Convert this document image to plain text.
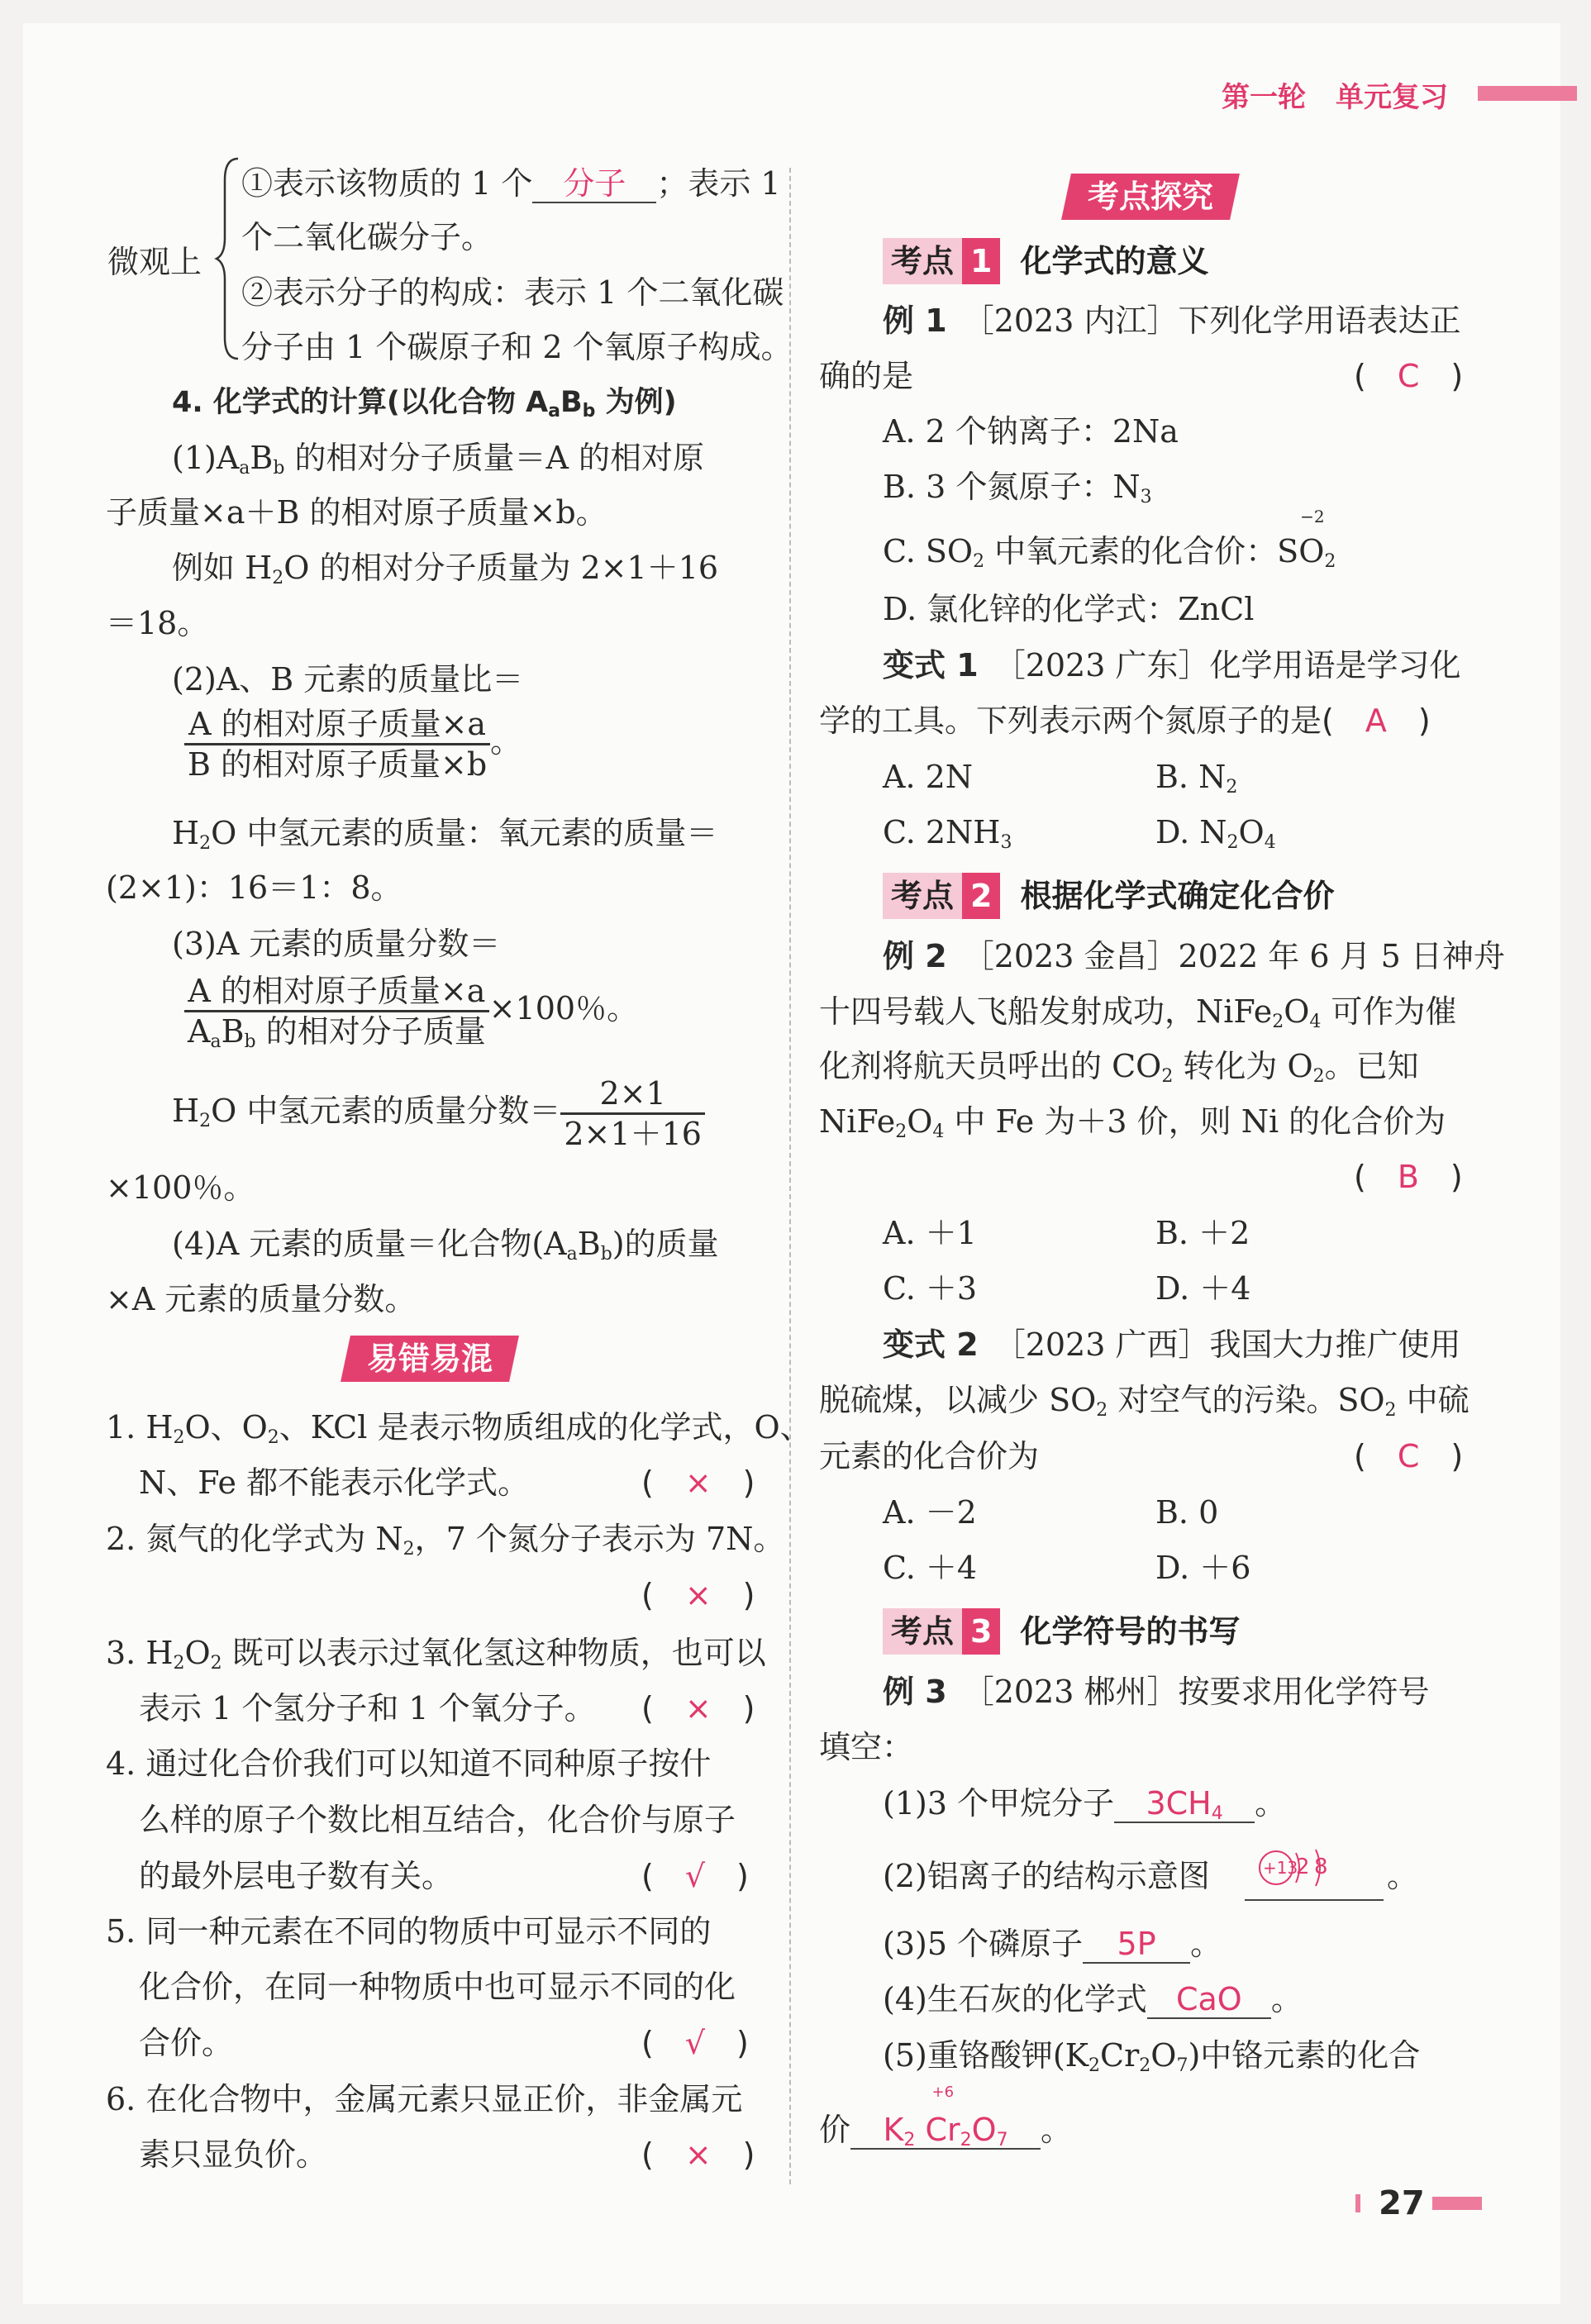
第一轮 单元复习
微观上
①表示该物质的 1 个 分子 ；表示 1
个二氧化碳分子。
②表示分子的构成：表示 1 个二氧化碳
分子由 1 个碳原子和 2 个氧原子构成。
4. 化学式的计算(以化合物 $A_aB_b$ 为例)
$(1)A_aB_b$ 的相对分子质量＝A 的相对原
子质量×a＋B 的相对原子质量×b。
例如 $H_2O$ 的相对分子质量为 2×1＋16
＝18。
(2)A、B 元素的质量比＝
$\frac{\text{A 的相对原子质量×a}}{\text{B 的相对原子质量×b}}$ 。
$H_2O$ 中氢元素的质量：氧元素的质量＝
(2×1)：16＝1：8。
(3)A 元素的质量分数＝
$\frac{\text{A 的相对原子质量×a}}{A_aB_b 的相对分子质量} \times 100$％。
$H_2O$ 中氢元素的质量分数＝ $\frac{2\times 1}{2\times 1+16}$
×100％。
(4)A 元素的质量＝化合物$(A_aB_b)$的质量
×A 元素的质量分数。
易错易混
1. $H_2O$、$O_2$、KCl 是表示物质组成的化学式，O、
N、Fe 都不能表示化学式。	(　×　)
2. 氮气的化学式为 $N_2$，7 个氮分子表示为 7N。
(　×　)
3. $H_2O_2$ 既可以表示过氧化氢这种物质，也可以
表示 1 个氢分子和 1 个氧分子。 (　×　)
4. 通过化合价我们可以知道不同种原子按什
么样的原子个数比相互结合，化合价与原子
的最外层电子数有关。	(　√　)
5. 同一种元素在不同的物质中可显示不同的
化合价，在同一种物质中也可显示不同的化
合价。	(　√　)
6. 在化合物中，金属元素只显正价，非金属元
素只显负价。	(　×　)
考点探究
考点 1 化学式的意义
例 1　 ［2023 内江］下列化学用语表达正
确的是	(　C　)
A. 2 个钠离子：2Na
B. 3 个氮原子：$N_3$
C. $SO_2$ 中氧元素的化合价：
−2
$SO_2$
D. 氯化锌的化学式：ZnCl
变式 1　 ［2023 广东］化学用语是学习化
学的工具。下列表示两个氮原子的是(　A　)
A. 2N	B. $N_2$
C. $2NH_3$	D. $N_2O_4$
考点 2 根据化学式确定化合价
例 2　 ［2023 金昌］2022 年 6 月 5 日神舟
十四号载人飞船发射成功，$NiFe_2O_4$ 可作为催
化剂将航天员呼出的 $CO_2$ 转化为 $O_2$。已知
$NiFe_2O_4$ 中 Fe 为＋3 价，则 Ni 的化合价为
(　B　)
A. ＋1	B. ＋2
C. ＋3	D. ＋4
变式 2　 ［2023 广西］我国大力推广使用
脱硫煤，以减少 $SO_2$ 对空气的污染。$SO_2$ 中硫
元素的化合价为	(　C　)
A. －2	B. 0
C. ＋4	D. ＋6
考点 3 化学符号的书写
例 3　 ［2023 郴州］按要求用化学符号
填空：
(1)3 个甲烷分子 $3CH_4$ 。
(2)铝离子的结构示意图	+13
2 8 。
(3)5 个磷原子 5P 。
(4)生石灰的化学式 CaO 。
(5)重铬酸钾$(K_2Cr_2O_7)$中铬元素的化合
价 $K_2$
+6
$Cr_2O_7$ 。
27
